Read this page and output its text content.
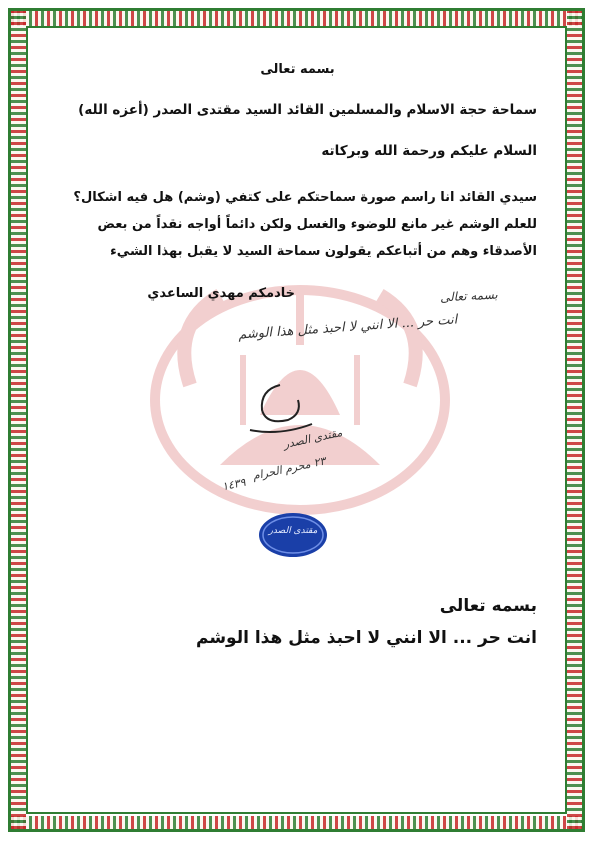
بسمه تعالى
سماحة حجة الاسلام والمسلمين القائد السيد مقتدى الصدر (أعزه الله)
السلام عليكم ورحمة الله وبركاته
سيدي القائد انا راسم صورة سماحتكم على كتفي (وشم) هل فيه اشكال؟ للعلم الوشم غير مانع للوضوء والغسل ولكن دائماً أواجه نقداً من بعض الأصدقاء وهم من أتباعكم يقولون سماحة السيد لا يقبل بهذا الشيء
خادمكم مهدي الساعدي	بسمه تعالى
انت حر ... الا انني لا احبذ مثل هذا الوشم
مقتدى الصدر
٢٣ محرم الحرام
١٤٣٩
مقتدى الصدر
بسمه تعالى
انت حر ... الا انني لا احبذ مثل هذا الوشم
